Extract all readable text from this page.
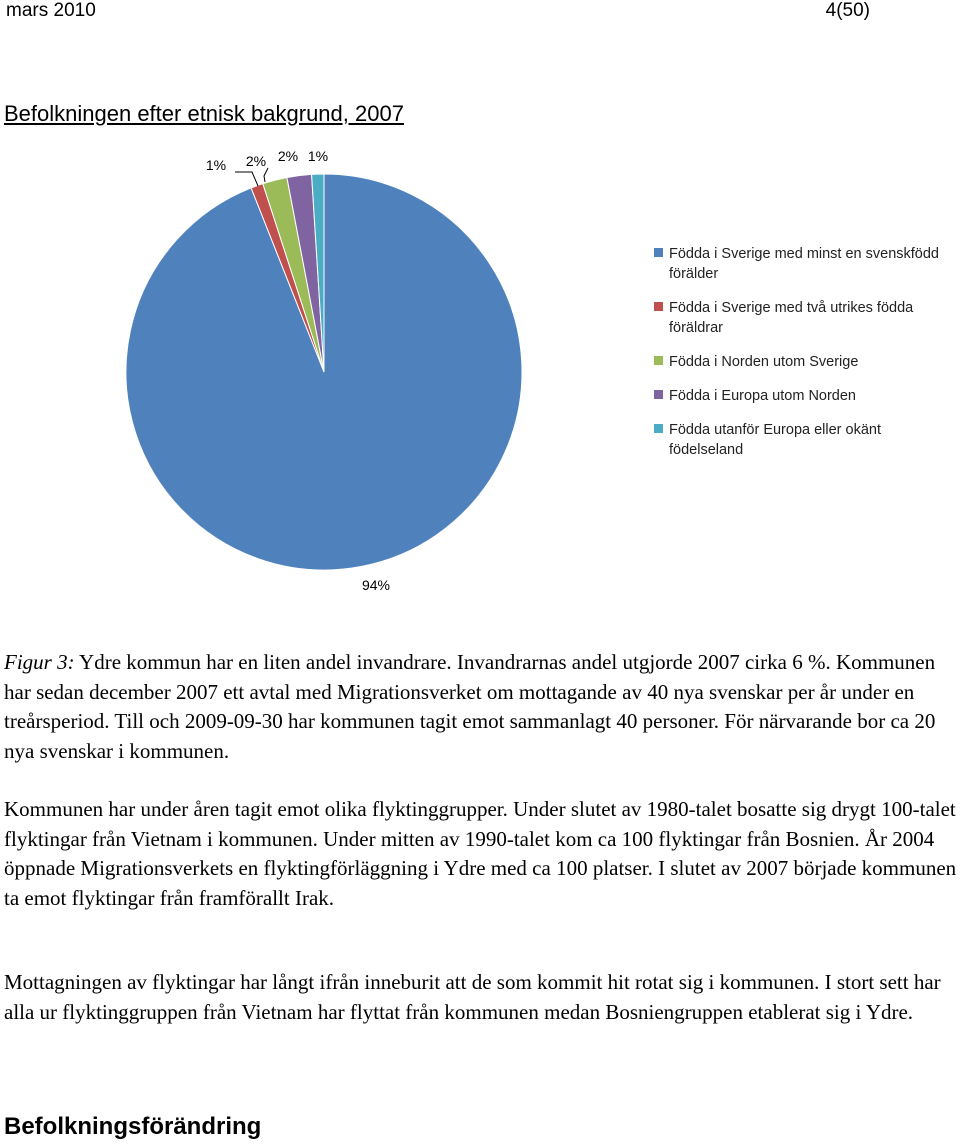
mars 2010	4(50)
Befolkningen efter etnisk bakgrund, 2007
94%
1% 2% 2% 1%
Födda i Sverige med minst en svenskfödd förälder
Födda i Sverige med två utrikes födda föräldrar
Födda i Norden utom Sverige
Födda i Europa utom Norden
Födda utanför Europa eller okänt födelseland
Figur 3: Ydre kommun har en liten andel invandrare. Invandrarnas andel utgjorde 2007 cirka 6 %. Kommunen har sedan december 2007 ett avtal med Migrationsverket om mottagande av 40 nya svenskar per år under en treårsperiod. Till och 2009-09-30 har kommunen tagit emot sammanlagt 40 personer. För närvarande bor ca 20 nya svenskar i kommunen.
Kommunen har under åren tagit emot olika flyktinggrupper. Under slutet av 1980-talet bosatte sig drygt 100-talet flyktingar från Vietnam i kommunen. Under mitten av 1990-talet kom ca 100 flyktingar från Bosnien. År 2004 öppnade Migrationsverkets en flyktingförläggning i Ydre med ca 100 platser. I slutet av 2007 började kommunen ta emot flyktingar från framförallt Irak.
Mottagningen av flyktingar har långt ifrån inneburit att de som kommit hit rotat sig i kommunen. I stort sett har alla ur flyktinggruppen från Vietnam har flyttat från kommunen medan Bosniengruppen etablerat sig i Ydre.
Befolkningsförändring
